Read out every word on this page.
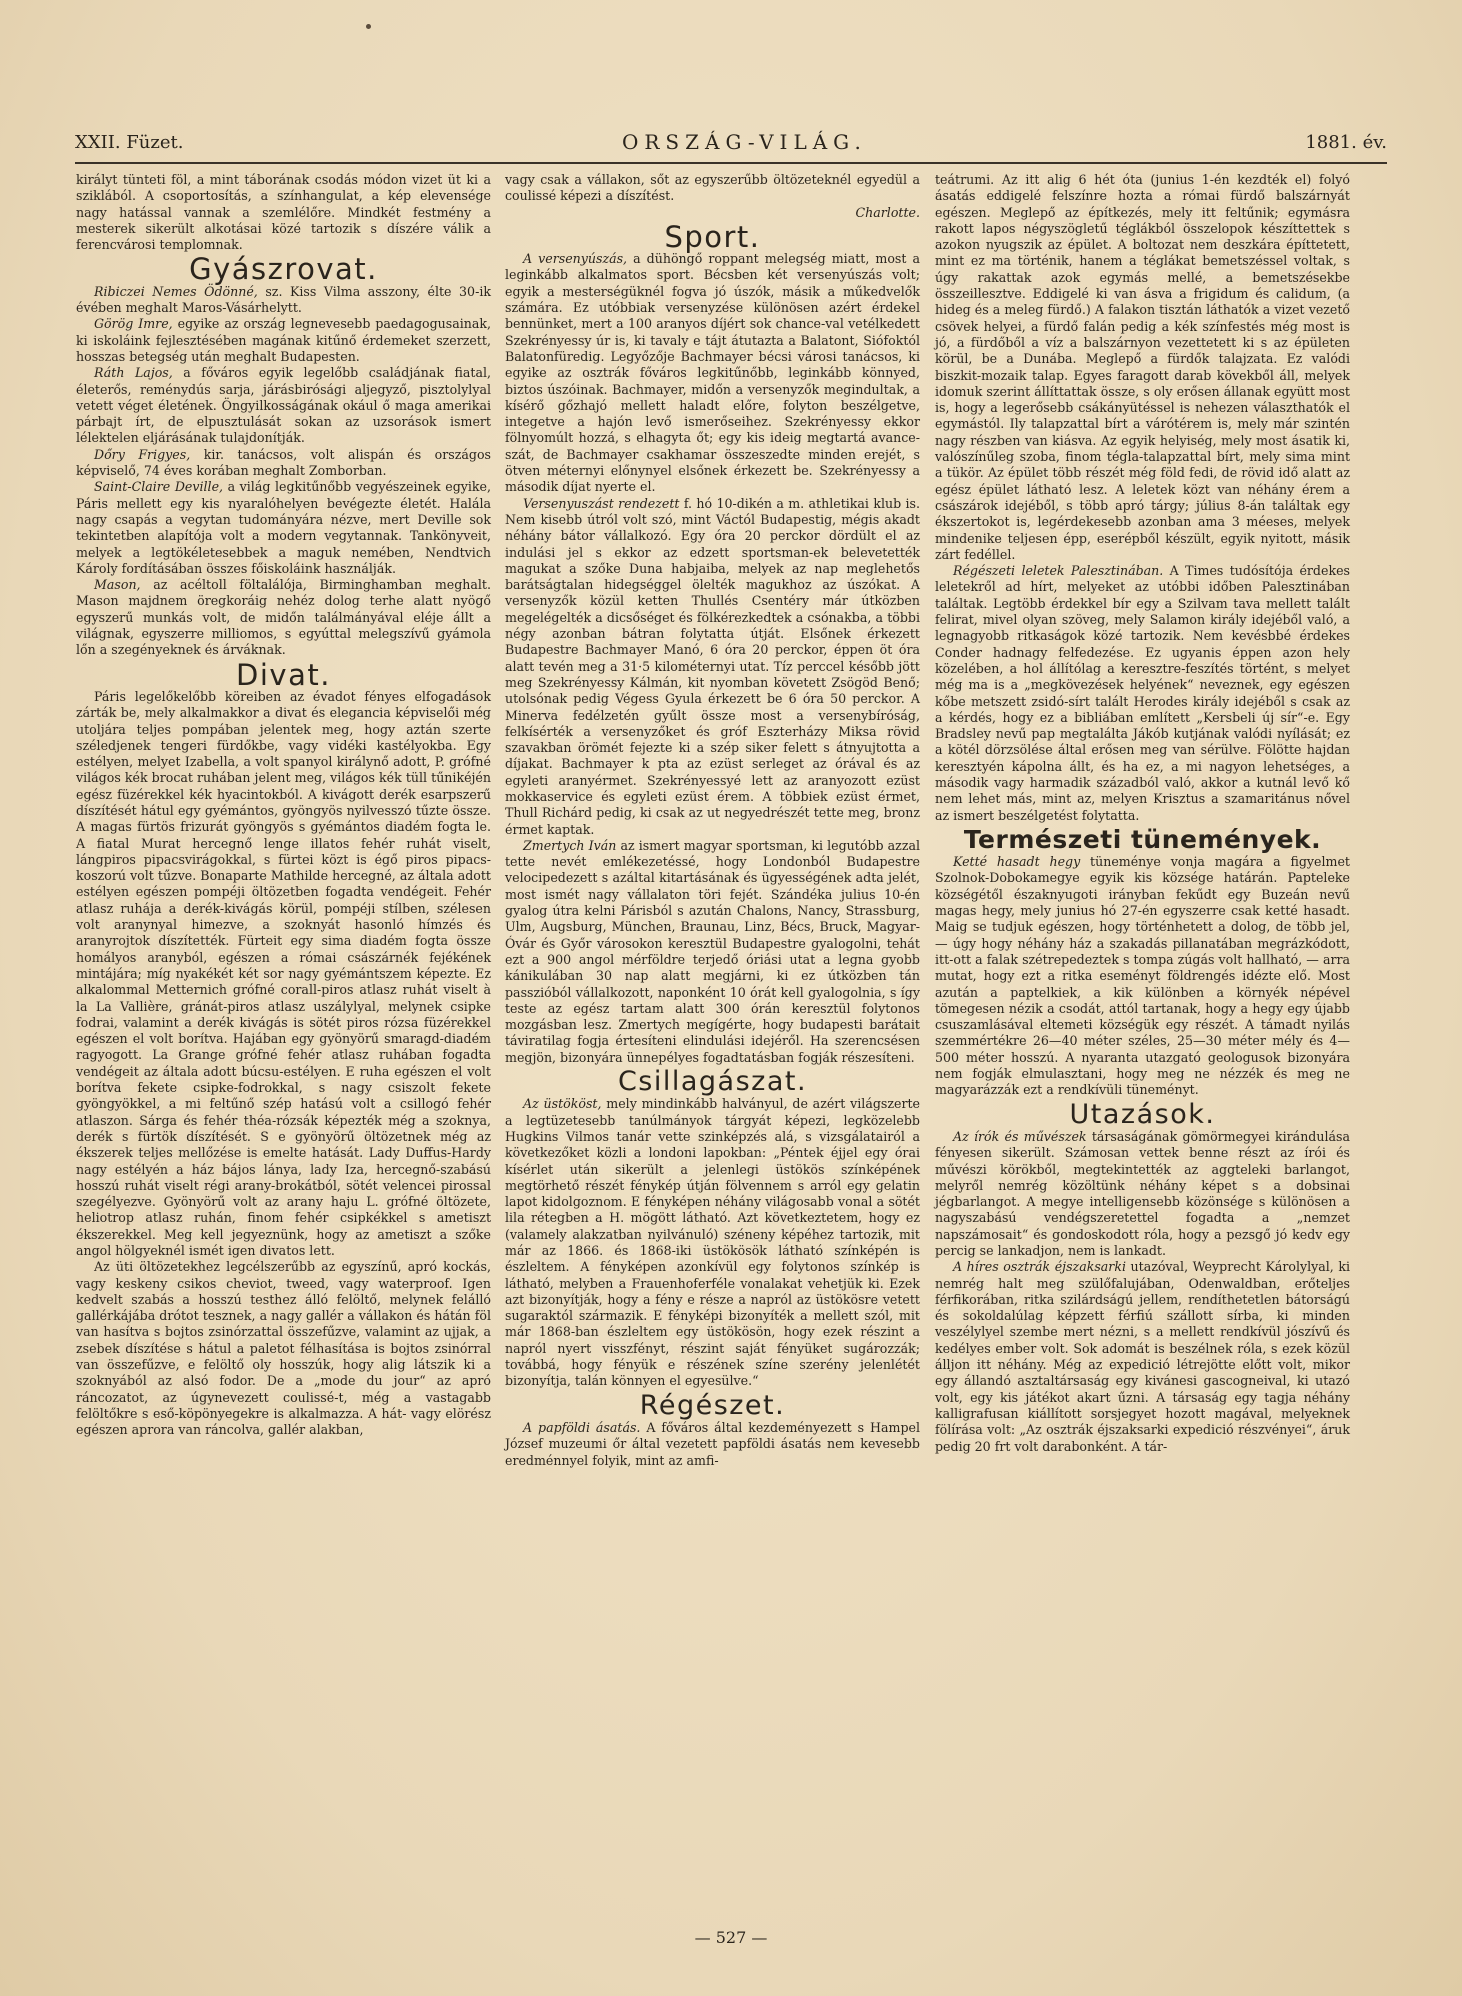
XXII. Füzet.	ORSZÁG-VILÁG.	1881. év.

királyt tünteti föl, a mint táborának csodás módon vizet üt ki a sziklából. A csoportosítás, a színhangulat, a kép elevensége nagy hatással vannak a szemlélőre. Mindkét festmény a mesterek sikerült alkotásai közé tartozik s díszére válik a ferencvárosi templomnak.

Gyászrovat.

Ribiczei Nemes Ödönné, sz. Kiss Vilma asszony, élte 30-ik évében meghalt Maros-Vásárhelytt.

Görög Imre, egyike az ország legnevesebb paedagogusainak, ki iskoláink fejlesztésében magának kitűnő érdemeket szerzett, hosszas betegség után meghalt Budapesten.

Ráth Lajos, a főváros egyik legelőbb családjának fiatal, életerős, reménydús sarja, járásbirósági aljegyző, pisztolylyal vetett véget életének. Öngyilkosságának okául ő maga amerikai párbajt írt, de elpusztulását sokan az uzsorások ismert lélektelen eljárásának tulajdonítják.

Dőry Frigyes, kir. tanácsos, volt alispán és országos képviselő, 74 éves korában meghalt Zomborban.

Saint-Claire Deville, a világ legkitűnőbb vegyészeinek egyike, Páris mellett egy kis nyaralóhelyen bevégezte életét. Halála nagy csapás a vegytan tudományára nézve, mert Deville sok tekintetben alapítója volt a modern vegytannak. Tankönyveit, melyek a legtökéletesebbek a maguk nemében, Nendtvich Károly fordításában összes főiskoláink használják.

Mason, az acéltoll föltalálója, Birminghamban meghalt. Mason majdnem öregkoráig nehéz dolog terhe alatt nyögő egyszerű munkás volt, de midőn találmányával eléje állt a világnak, egyszerre milliomos, s egyúttal melegszívű gyámola lőn a szegényeknek és árváknak.

Divat.

Páris legelőkelőbb köreiben az évadot fényes elfogadások zárták be, mely alkalmakkor a divat és elegancia képviselői még utoljára teljes pompában jelentek meg, hogy aztán szerte széledjenek tengeri fürdőkbe, vagy vidéki kastélyokba. Egy estélyen, melyet Izabella, a volt spanyol királynő adott, P. grófné világos kék brocat ruhában jelent meg, világos kék tüll tűnikéjén egész füzérekkel kék hyacintokból. A kivágott derék esarpszerű díszítését hátul egy gyémántos, gyöngyös nyilvesszó tűzte össze. A magas fürtös frizurát gyöngyös s gyémántos diadém fogta le. A fiatal Murat hercegnő lenge illatos fehér ruhát viselt, lángpiros pipacsvirágokkal, s fürtei közt is égő piros pipacs-koszorú volt tűzve. Bonaparte Mathilde hercegné, az általa adott estélyen egészen pompéji öltözetben fogadta vendégeit. Fehér atlasz ruhája a derék-kivágás körül, pompéji stílben, szélesen volt aranynyal himezve, a szoknyát hasonló hímzés és aranyrojtok díszítették. Fürteit egy sima diadém fogta össze homályos aranyból, egészen a római császárnék fejékének mintájára; míg nyakékét két sor nagy gyémántszem képezte. Ez alkalommal Metternich grófné corall-piros atlasz ruhát viselt à la La Vallière, gránát-piros atlasz uszálylyal, melynek csipke fodrai, valamint a derék kivágás is sötét piros rózsa füzérekkel egészen el volt borítva. Hajában egy gyönyörű smaragd-diadém ragyogott. La Grange grófné fehér atlasz ruhában fogadta vendégeit az általa adott búcsu-estélyen. E ruha egészen el volt borítva fekete csipke-fodrokkal, s nagy csiszolt fekete gyöngyökkel, a mi feltűnő szép hatású volt a csillogó fehér atlaszon. Sárga és fehér théa-rózsák képezték még a szoknya, derék s fürtök díszítését. S e gyönyörű öltözetnek még az ékszerek teljes mellőzése is emelte hatását. Lady Duffus-Hardy nagy estélyén a ház bájos lánya, lady Iza, hercegnő-szabású hosszú ruhát viselt régi arany-brokátból, sötét velencei pirossal szegélyezve. Gyönyörű volt az arany haju L. grófné öltözete, heliotrop atlasz ruhán, finom fehér csipkékkel s ametiszt ékszerekkel. Meg kell jegyeznünk, hogy az ametiszt a szőke angol hölgyeknél ismét igen divatos lett.

Az üti öltözetekhez legcélszerűbb az egyszínű, apró kockás, vagy keskeny csikos cheviot, tweed, vagy waterproof. Igen kedvelt szabás a hosszú testhez álló felöltő, melynek felálló gallérkájába drótot tesznek, a nagy gallér a vállakon és hátán föl van hasítva s bojtos zsinórzattal összefűzve, valamint az ujjak, a zsebek díszítése s hátul a paletot félhasítása is bojtos zsinórral van összefűzve, e felöltő oly hosszúk, hogy alig látszik ki a szoknyából az alsó fodor. De a „mode du jour“ az apró ráncozatot, az úgynevezett coulissé-t, még a vastagabb felöltőkre s eső-köpönyegekre is alkalmazza. A hát- vagy elörész egészen aprora van ráncolva, gallér alakban,

vagy csak a vállakon, sőt az egyszerűbb öltözeteknél egyedül a coulissé képezi a díszítést.

Charlotte.
Sport.

A versenyúszás, a dühöngő roppant melegség miatt, most a leginkább alkalmatos sport. Bécsben két versenyúszás volt; egyik a mesterségüknél fogva jó úszók, másik a műkedvelők számára. Ez utóbbiak versenyzése különösen azért érdekel bennünket, mert a 100 aranyos díjért sok chance-val vetélkedett Szekrényessy úr is, ki tavaly e tájt átutazta a Balatont, Siófoktól Balatonfüredig. Legyőzője Bachmayer bécsi városi tanácsos, ki egyike az osztrák főváros legkitűnőbb, leginkább könnyed, biztos úszóinak. Bachmayer, midőn a versenyzők megindultak, a kísérő gőzhajó mellett haladt előre, folyton beszélgetve, integetve a hajón levő ismerőseihez. Szekrényessy ekkor fölnyomúlt hozzá, s elhagyta őt; egy kis ideig megtartá avance-szát, de Bachmayer csakhamar összeszedte minden erejét, s ötven méternyi előnynyel elsőnek érkezett be. Szekrényessy a második díjat nyerte el.

Versenyuszást rendezett f. hó 10-dikén a m. athletikai klub is. Nem kisebb útról volt szó, mint Váctól Budapestig, mégis akadt néhány bátor vállalkozó. Egy óra 20 perckor dördült el az indulási jel s ekkor az edzett sportsman-ek belevetették magukat a szőke Duna habjaiba, melyek az nap meglehetős barátságtalan hidegséggel ölelték magukhoz az úszókat. A versenyzők közül ketten Thullés Csentéry már útközben megelégelték a dicsőséget és fölkérezkedtek a csónakba, a többi négy azonban bátran folytatta útját. Elsőnek érkezett Budapestre Bachmayer Manó, 6 óra 20 perckor, éppen öt óra alatt tevén meg a 31·5 kilométernyi utat. Tíz perccel később jött meg Szekrényessy Kálmán, kit nyomban követett Zsögöd Benő; utolsónak pedig Végess Gyula érkezett be 6 óra 50 perckor. A Minerva fedélzetén gyűlt össze most a versenybíróság, felkísérték a versenyzőket és gróf Eszterházy Miksa rövid szavakban örömét fejezte ki a szép siker felett s átnyujtotta a díjakat. Bachmayer k pta az ezüst serleget az órával és az egyleti aranyérmet. Szekrényessyé lett az aranyozott ezüst mokkaservice és egyleti ezüst érem. A többiek ezüst érmet, Thull Richárd pedig, ki csak az ut negyedrészét tette meg, bronz érmet kaptak.

Zmertych Iván az ismert magyar sportsman, ki legutóbb azzal tette nevét emlékezetéssé, hogy Londonból Budapestre velocipedezett s azáltal kitartásának és ügyességének adta jelét, most ismét nagy vállalaton töri fejét. Szándéka julius 10-én gyalog útra kelni Párisból s azután Chalons, Nancy, Strassburg, Ulm, Augsburg, München, Braunau, Linz, Bécs, Bruck, Magyar-Óvár és Győr városokon keresztül Budapestre gyalogolni, tehát ezt a 900 angol mérföldre terjedő óriási utat a legna gyobb kánikulában 30 nap alatt megjárni, ki ez útközben tán passzióból vállalkozott, naponként 10 órát kell gyalogolnia, s így teste az egész tartam alatt 300 órán keresztül folytonos mozgásban lesz. Zmertych megígérte, hogy budapesti barátait táviratilag fogja értesíteni elindulási idejéről. Ha szerencsésen megjön, bizonyára ünnepélyes fogadtatásban fogják részesíteni.

Csillagászat.

Az üstököst, mely mindinkább halványul, de azért világszerte a legtüzetesebb tanúlmányok tárgyát képezi, legközelebb Hugkins Vilmos tanár vette szinképzés alá, s vizsgálatairól a következőket közli a londoni lapokban: „Péntek éjjel egy órai kísérlet után sikerült a jelenlegi üstökös színképének megtörhető részét fénykép útján fölvennem s arról egy gelatin lapot kidolgoznom. E fényképen néhány világosabb vonal a sötét lila rétegben a H. mögött látható. Azt következtetem, hogy ez (valamely alakzatban nyilvánuló) széneny képéhez tartozik, mit már az 1866. és 1868-iki üstökösök látható színképén is észleltem. A fényképen azonkívül egy folytonos színkép is látható, melyben a Frauenhoferféle vonalakat vehetjük ki. Ezek azt bizonyítják, hogy a fény e része a napról az üstökösre vetett sugaraktól származik. E fényképi bizonyíték a mellett szól, mit már 1868-ban észleltem egy üstökösön, hogy ezek részint a napról nyert visszfényt, részint saját fényüket sugározzák; továbbá, hogy fényük e részének színe szerény jelenlétét bizonyítja, talán könnyen el egyesülve.“

Régészet.

A papföldi ásatás. A főváros által kezdeményezett s Hampel József muzeumi őr által vezetett papföldi ásatás nem kevesebb eredménnyel folyik, mint az amfi-

teátrumi. Az itt alig 6 hét óta (junius 1-én kezdték el) folyó ásatás eddigelé felszínre hozta a római fürdő balszárnyát egészen. Meglepő az építkezés, mely itt feltűnik; egymásra rakott lapos négyszögletű téglákból összelopok készíttettek s azokon nyugszik az épület. A boltozat nem deszkára építtetett, mint ez ma történik, hanem a téglákat bemetszéssel voltak, s úgy rakattak azok egymás mellé, a bemetszésekbe összeillesztve. Eddigelé ki van ásva a frigidum és calidum, (a hideg és a meleg fürdő.) A falakon tisztán láthatók a vizet vezető csövek helyei, a fürdő falán pedig a kék színfestés még most is jó, a fürdőből a víz a balszárnyon vezettetett ki s az épületen körül, be a Dunába. Meglepő a fürdők talajzata. Ez valódi biszkit-mozaik talap. Egyes faragott darab kövekből áll, melyek idomuk szerint állíttattak össze, s oly erősen állanak együtt most is, hogy a legerősebb csákányütéssel is nehezen választhatók el egymástól. Ily talapzattal bírt a várótérem is, mely már szintén nagy részben van kiásva. Az egyik helyiség, mely most ásatik ki, valószínűleg szoba, finom tégla-talapzattal bírt, mely sima mint a tükör. Az épület több részét még föld fedi, de rövid idő alatt az egész épület látható lesz. A leletek közt van néhány érem a császárok idejéből, s több apró tárgy; július 8-án találtak egy ékszertokot is, legérdekesebb azonban ama 3 méeses, melyek mindenike teljesen épp, eserépből készült, egyik nyitott, másik zárt fedéllel.

Régészeti leletek Palesztinában. A Times tudósítója érdekes leletekről ad hírt, melyeket az utóbbi időben Palesztinában találtak. Legtöbb érdekkel bír egy a Szilvam tava mellett talált felirat, mivel olyan szöveg, mely Salamon király idejéből való, a legnagyobb ritkaságok közé tartozik. Nem kevésbbé érdekes Conder hadnagy felfedezése. Ez ugyanis éppen azon hely közelében, a hol állítólag a keresztre-feszítés történt, s melyet még ma is a „megkövezések helyének“ neveznek, egy egészen kőbe metszett zsidó-sírt talált Herodes király idejéből s csak az a kérdés, hogy ez a bibliában említett „Kersbeli új sír“-e. Egy Bradsley nevű pap megtalálta Jákób kutjának valódi nyílását; ez a kötél dörzsölése által erősen meg van sérülve. Fölötte hajdan keresztyén kápolna állt, és ha ez, a mi nagyon lehetséges, a második vagy harmadik századból való, akkor a kutnál levő kő nem lehet más, mint az, melyen Krisztus a szamaritánus nővel az ismert beszélgetést folytatta.

Természeti tünemények.

Ketté hasadt hegy tüneménye vonja magára a figyelmet Szolnok-Dobokamegye egyik kis községe határán. Papteleke községétől északnyugoti irányban fekűdt egy Buzeán nevű magas hegy, mely junius hó 27-én egyszerre csak ketté hasadt. Maig se tudjuk egészen, hogy történhetett a dolog, de több jel, — úgy hogy néhány ház a szakadás pillanatában megrázkódott, itt-ott a falak szétrepedeztek s tompa zúgás volt hallható, — arra mutat, hogy ezt a ritka eseményt földrengés idézte elő. Most azután a paptelkiek, a kik különben a környék népével tömegesen nézik a csodát, attól tartanak, hogy a hegy egy újabb csuszamlásával eltemeti községük egy részét. A támadt nyilás szemmértékre 26—40 méter széles, 25—30 méter mély és 4—500 méter hosszú. A nyaranta utazgató geologusok bizonyára nem fogják elmulasztani, hogy meg ne nézzék és meg ne magyarázzák ezt a rendkívüli tüneményt.

Utazások.

Az írók és művészek társaságának gömörmegyei kirándulása fényesen sikerült. Számosan vettek benne részt az írói és művészi körökből, megtekintették az aggteleki barlangot, melyről nemrég közöltünk néhány képet s a dobsinai jégbarlangot. A megye intelligensebb közönsége s különösen a nagyszabású vendégszeretettel fogadta a „nemzet napszámosait“ és gondoskodott róla, hogy a pezsgő jó kedv egy percig se lankadjon, nem is lankadt.

A híres osztrák éjszaksarki utazóval, Weyprecht Károlylyal, ki nemrég halt meg szülőfalujában, Odenwaldban, erőteljes férfikorában, ritka szilárdságú jellem, rendíthetetlen bátorságú és sokoldalúlag képzett férfiú szállott sírba, ki minden veszélylyel szembe mert nézni, s a mellett rendkívül jószívű és kedélyes ember volt. Sok adomát is beszélnek róla, s ezek közül álljon itt néhány. Még az expedició létrejötte előtt volt, mikor egy állandó asztaltársaság egy kivánesi gascogneival, ki utazó volt, egy kis játékot akart űzni. A társaság egy tagja néhány kalligrafusan kiállított sorsjegyet hozott magával, melyeknek fölírása volt: „Az osztrák éjszaksarki expedició részvényei“, áruk pedig 20 frt volt darabonként. A tár-

— 527 —
